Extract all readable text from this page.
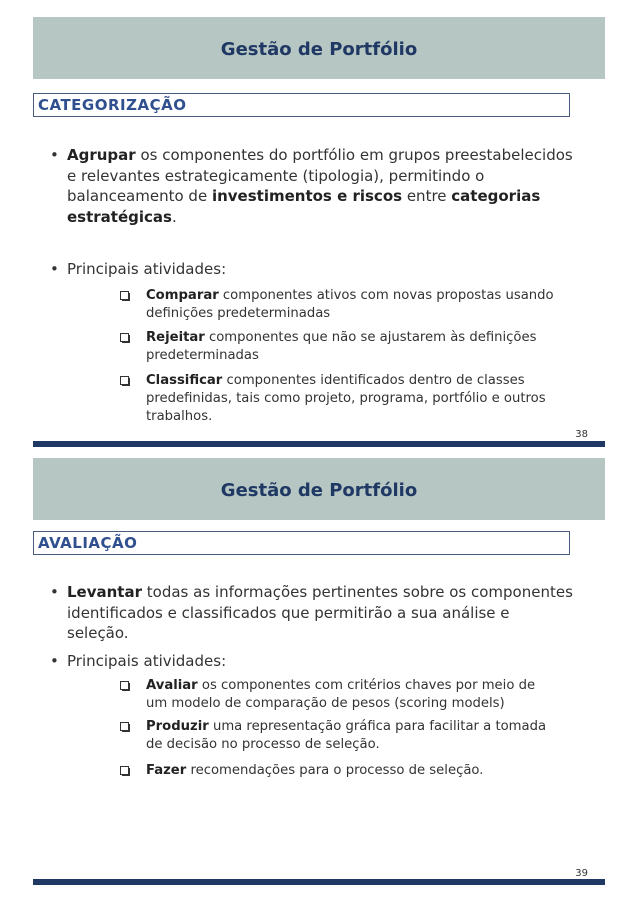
Gestão de Portfólio
CATEGORIZAÇÃO
• Agrupar os componentes do portfólio em grupos preestabelecidos e relevantes estrategicamente (tipologia), permitindo o balanceamento de investimentos e riscos entre categorias estratégicas.
• Principais atividades:
Comparar componentes ativos com novas propostas usando definições predeterminadas
Rejeitar componentes que não se ajustarem às definições predeterminadas
Classificar componentes identificados dentro de classes predefinidas, tais como projeto, programa, portfólio e outros trabalhos.
38
Gestão de Portfólio
AVALIAÇÃO
• Levantar todas as informações pertinentes sobre os componentes identificados e classificados que permitirão a sua análise e seleção.
• Principais atividades:
Avaliar os componentes com critérios chaves por meio de um modelo de comparação de pesos (scoring models)
Produzir uma representação gráfica para facilitar a tomada de decisão no processo de seleção.
Fazer recomendações para o processo de seleção.
39
